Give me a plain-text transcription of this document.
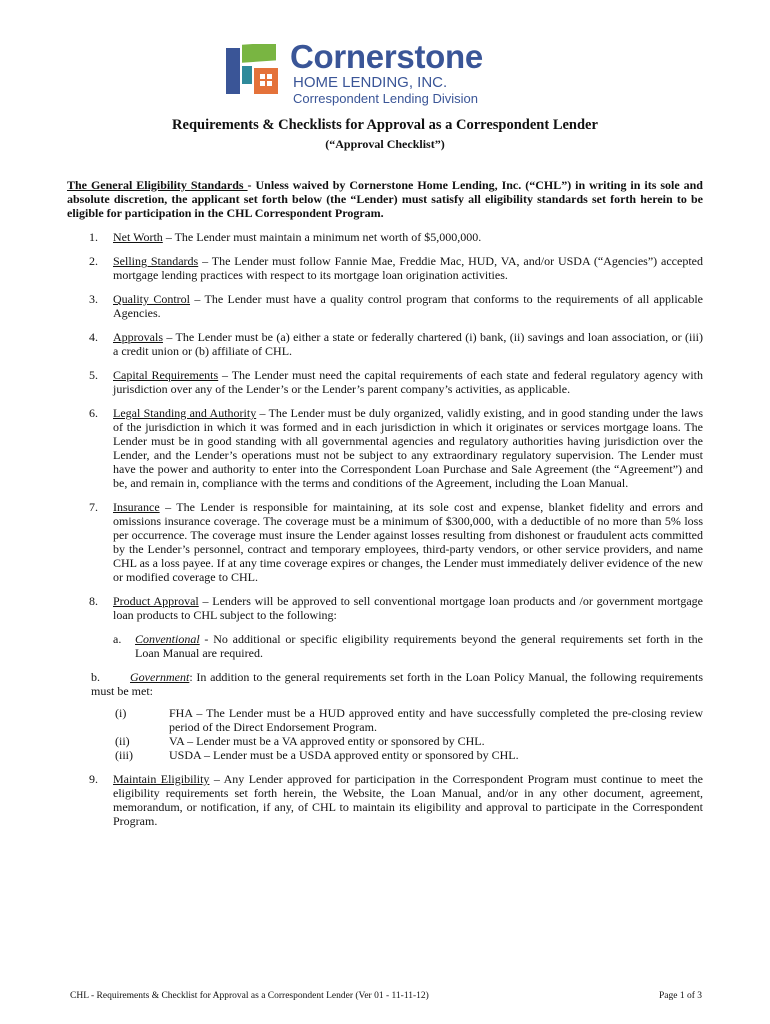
Cornerstone
HOME LENDING, INC.
Correspondent Lending Division
Requirements & Checklists for Approval as a Correspondent Lender
(“Approval Checklist”)

The General Eligibility Standards - Unless waived by Cornerstone Home Lending, Inc. (“CHL”) in writing in its sole and absolute discretion, the applicant set forth below (the “Lender) must satisfy all eligibility standards set forth herein to be eligible for participation in the CHL Correspondent Program.

1. Net Worth – The Lender must maintain a minimum net worth of $5,000,000.
2. Selling Standards – The Lender must follow Fannie Mae, Freddie Mac, HUD, VA, and/or USDA (“Agencies”) accepted mortgage lending practices with respect to its mortgage loan origination activities.
3. Quality Control – The Lender must have a quality control program that conforms to the requirements of all applicable Agencies.
4. Approvals – The Lender must be (a) either a state or federally chartered (i) bank, (ii) savings and loan association, or (iii) a credit union or (b) affiliate of CHL.
5. Capital Requirements – The Lender must need the capital requirements of each state and federal regulatory agency with jurisdiction over any of the Lender’s or the Lender’s parent company’s activities, as applicable.
6. Legal Standing and Authority – The Lender must be duly organized, validly existing, and in good standing under the laws of the jurisdiction in which it was formed and in each jurisdiction in which it originates or services mortgage loans. The Lender must be in good standing with all governmental agencies and regulatory authorities having jurisdiction over the Lender, and the Lender’s operations must not be subject to any extraordinary regulatory supervision. The Lender must have the power and authority to enter into the Correspondent Loan Purchase and Sale Agreement (the “Agreement”) and be, and remain in, compliance with the terms and conditions of the Agreement, including the Loan Manual.
7. Insurance – The Lender is responsible for maintaining, at its sole cost and expense, blanket fidelity and errors and omissions insurance coverage. The coverage must be a minimum of $300,000, with a deductible of no more than 5% loss per occurrence. The coverage must insure the Lender against losses resulting from dishonest or fraudulent acts committed by the Lender’s personnel, contract and temporary employees, third-party vendors, or other service providers, and name CHL as a loss payee. If at any time coverage expires or changes, the Lender must immediately deliver evidence of the new or modified coverage to CHL.
8. Product Approval – Lenders will be approved to sell conventional mortgage loan products and /or government mortgage loan products to CHL subject to the following:
a. Conventional - No additional or specific eligibility requirements beyond the general requirements set forth in the Loan Manual are required.
b.	Government: In addition to the general requirements set forth in the Loan Policy Manual, the following requirements must be met:
(i)	FHA – The Lender must be a HUD approved entity and have successfully completed the pre-closing review period of the Direct Endorsement Program.
(ii)	VA – Lender must be a VA approved entity or sponsored by CHL.
(iii)	USDA – Lender must be a USDA approved entity or sponsored by CHL.
9. Maintain Eligibility – Any Lender approved for participation in the Correspondent Program must continue to meet the eligibility requirements set forth herein, the Website, the Loan Manual, and/or in any other document, agreement, memorandum, or notification, if any, of CHL to maintain its eligibility and approval to participate in the Correspondent Program.
CHL - Requirements & Checklist for Approval as a Correspondent Lender (Ver 01 - 11-11-12)	Page 1 of 3
